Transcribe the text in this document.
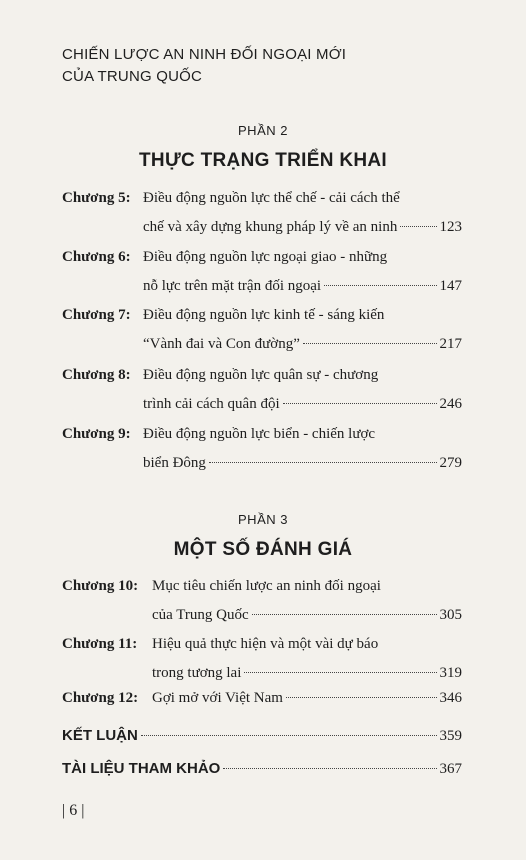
CHIẾN LƯỢC AN NINH ĐỐI NGOẠI MỚI
CỦA TRUNG QUỐC
PHẦN 2
THỰC TRẠNG TRIỂN KHAI
Chương 5: Điều động nguồn lực thể chế - cải cách thể
chế và xây dựng khung pháp lý về an ninh	123
Chương 6: Điều động nguồn lực ngoại giao - những
nỗ lực trên mặt trận đối ngoại	147
Chương 7: Điều động nguồn lực kinh tế - sáng kiến
“Vành đai và Con đường”	217
Chương 8: Điều động nguồn lực quân sự - chương
trình cải cách quân đội	246
Chương 9: Điều động nguồn lực biển - chiến lược
biển Đông	279
PHẦN 3
MỘT SỐ ĐÁNH GIÁ
Chương 10: Mục tiêu chiến lược an ninh đối ngoại
của Trung Quốc	305
Chương 11: Hiệu quả thực hiện và một vài dự báo
trong tương lai	319
Chương 12: Gợi mở với Việt Nam	346
KẾT LUẬN	359
TÀI LIỆU THAM KHẢO	367
| 6 |
